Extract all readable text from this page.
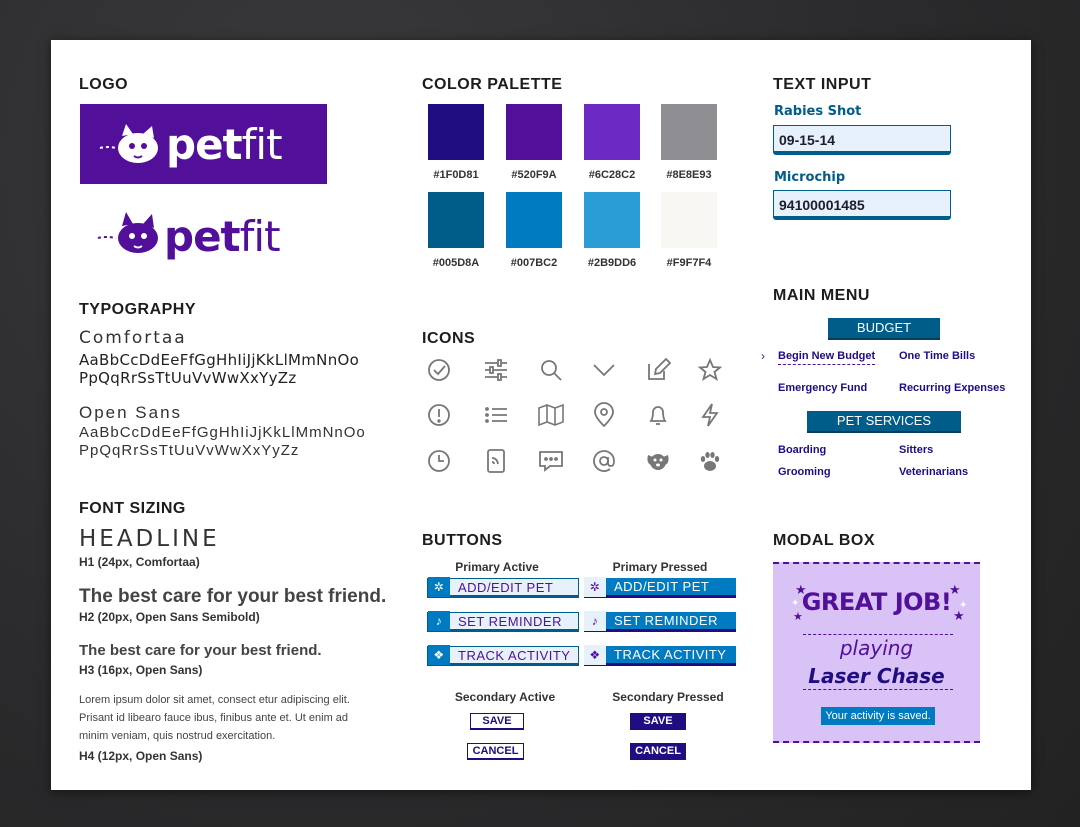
LOGO
petfit
petfit
TYPOGRAPHY
Comfortaa
AaBbCcDdEeFfGgHhIiJjKkLlMmNnOo
PpQqRrSsTtUuVvWwXxYyZz
Open Sans
AaBbCcDdEeFfGgHhIiJjKkLlMmNnOo
PpQqRrSsTtUuVvWwXxYyZz
FONT SIZING
HEADLINE
H1 (24px, Comfortaa)
The best care for your best friend.
H2 (20px, Open Sans Semibold)
The best care for your best friend.
H3 (16px, Open Sans)
Lorem ipsum dolor sit amet, consect etur adipiscing elit.
Prisant id libearo fauce ibus, finibus ante et. Ut enim ad
minim veniam, quis nostrud exercitation.
H4 (12px, Open Sans)
COLOR PALETTE
#1F0D81	#520F9A	#6C28C2	#8E8E93
#005D8A	#007BC2	#2B9DD6	#F9F7F4
ICONS
BUTTONS
Primary Active	Primary Pressed
✲	ADD/EDIT PET	✲	ADD/EDIT PET
♪	SET REMINDER	♪	SET REMINDER
❖	TRACK ACTIVITY	❖	TRACK ACTIVITY
Secondary Active	Secondary Pressed
SAVE	SAVE
CANCEL	CANCEL
TEXT INPUT
Rabies Shot
09-15-14
Microchip
94100001485
MAIN MENU
BUDGET
› Begin New Budget One Time Bills
Emergency Fund	Recurring Expenses
PET SERVICES
Boarding	Sitters
Grooming	Veterinarians
MODAL BOX
★
✦
★
✦
★
★
GREAT JOB!
playing
Laser Chase
Your activity is saved.
